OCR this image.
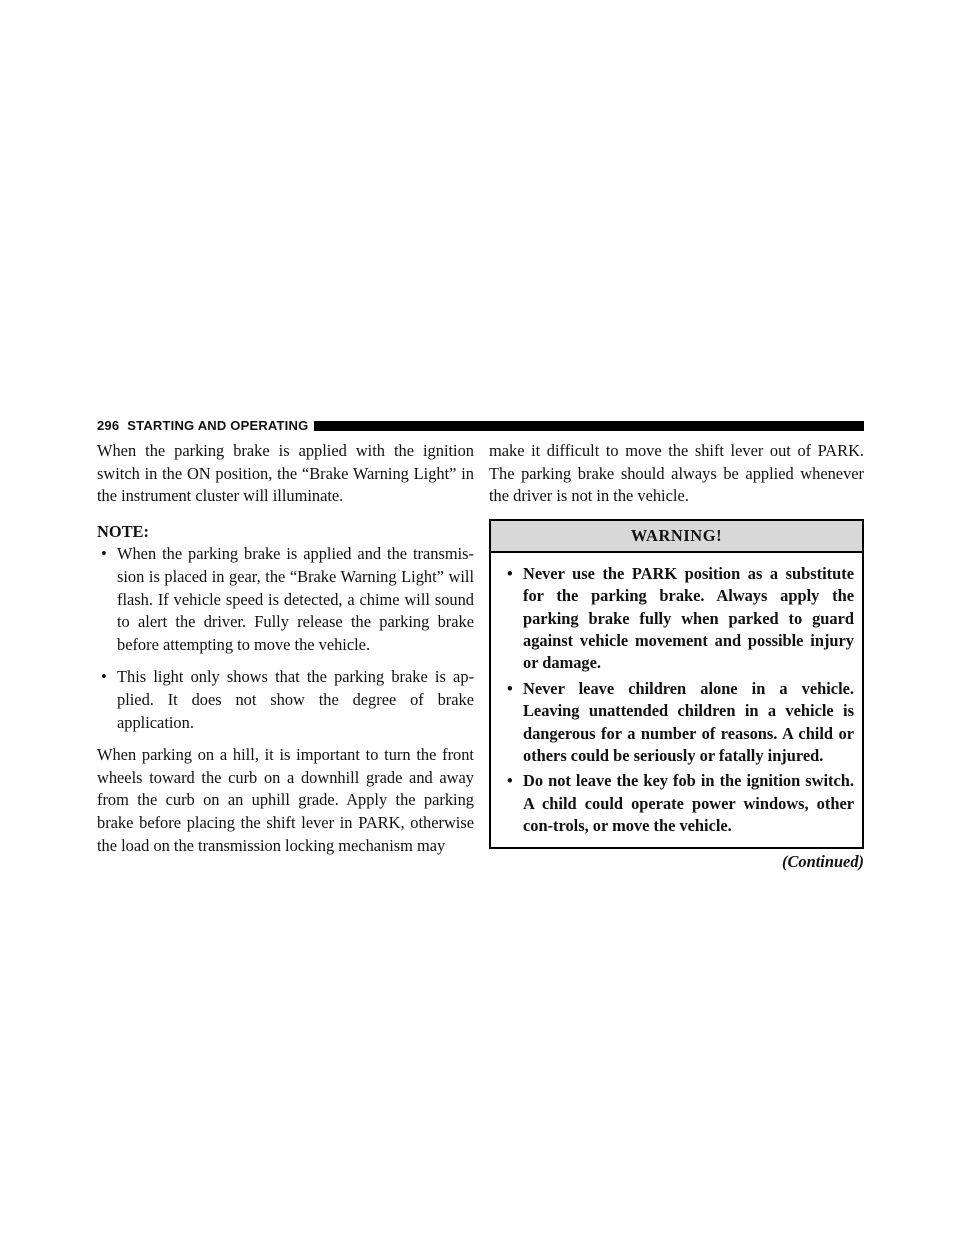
296 STARTING AND OPERATING

When the parking brake is applied with the ignition switch in the ON position, the “Brake Warning Light” in the instrument cluster will illuminate.

NOTE:
• When the parking brake is applied and the transmis-sion is placed in gear, the “Brake Warning Light” will flash. If vehicle speed is detected, a chime will sound to alert the driver. Fully release the parking brake before attempting to move the vehicle.
• This light only shows that the parking brake is ap-plied. It does not show the degree of brake application.

When parking on a hill, it is important to turn the front wheels toward the curb on a downhill grade and away from the curb on an uphill grade. Apply the parking brake before placing the shift lever in PARK, otherwise the load on the transmission locking mechanism may

make it difficult to move the shift lever out of PARK. The parking brake should always be applied whenever the driver is not in the vehicle.

WARNING!
• Never use the PARK position as a substitute for the parking brake. Always apply the parking brake fully when parked to guard against vehicle movement and possible injury or damage.
• Never leave children alone in a vehicle. Leaving unattended children in a vehicle is dangerous for a number of reasons. A child or others could be seriously or fatally injured.
• Do not leave the key fob in the ignition switch. A child could operate power windows, other con-trols, or move the vehicle.
(Continued)
